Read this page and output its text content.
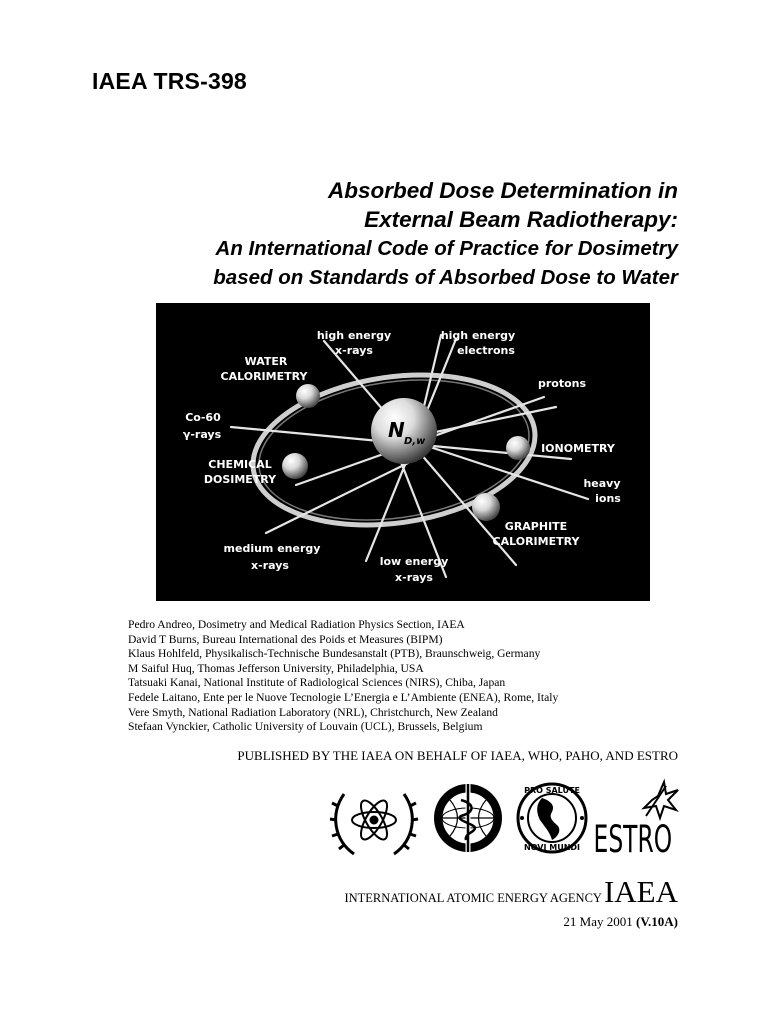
IAEA TRS-398
Absorbed Dose Determination in
External Beam Radiotherapy:
An International Code of Practice for Dosimetry
based on Standards of Absorbed Dose to Water
N D,w
high energy
x-rays
high energy
electrons
WATER
CALORIMETRY
protons
Co-60
γ-rays
IONOMETRY
CHEMICAL
DOSIMETRY	heavy
ions
GRAPHITE
CALORIMETRY
medium energy
x-rays	low energy
x-rays
Pedro Andreo, Dosimetry and Medical Radiation Physics Section, IAEA
David T Burns, Bureau International des Poids et Measures (BIPM)
Klaus Hohlfeld, Physikalisch-Technische Bundesanstalt (PTB), Braunschweig, Germany
M Saiful Huq, Thomas Jefferson University, Philadelphia, USA
Tatsuaki Kanai, National Institute of Radiological Sciences (NIRS), Chiba, Japan
Fedele Laitano, Ente per le Nuove Tecnologie L’Energia e L’Ambiente (ENEA), Rome, Italy
Vere Smyth, National Radiation Laboratory (NRL), Christchurch, New Zealand
Stefaan Vynckier, Catholic University of Louvain (UCL), Brussels, Belgium
PUBLISHED BY THE IAEA ON BEHALF OF IAEA, WHO, PAHO, AND ESTRO
PRO SALUTE
NOVI MUNDI ESTRO
INTERNATIONAL ATOMIC ENERGY AGENCYIAEA
21 May 2001 (V.10A)
